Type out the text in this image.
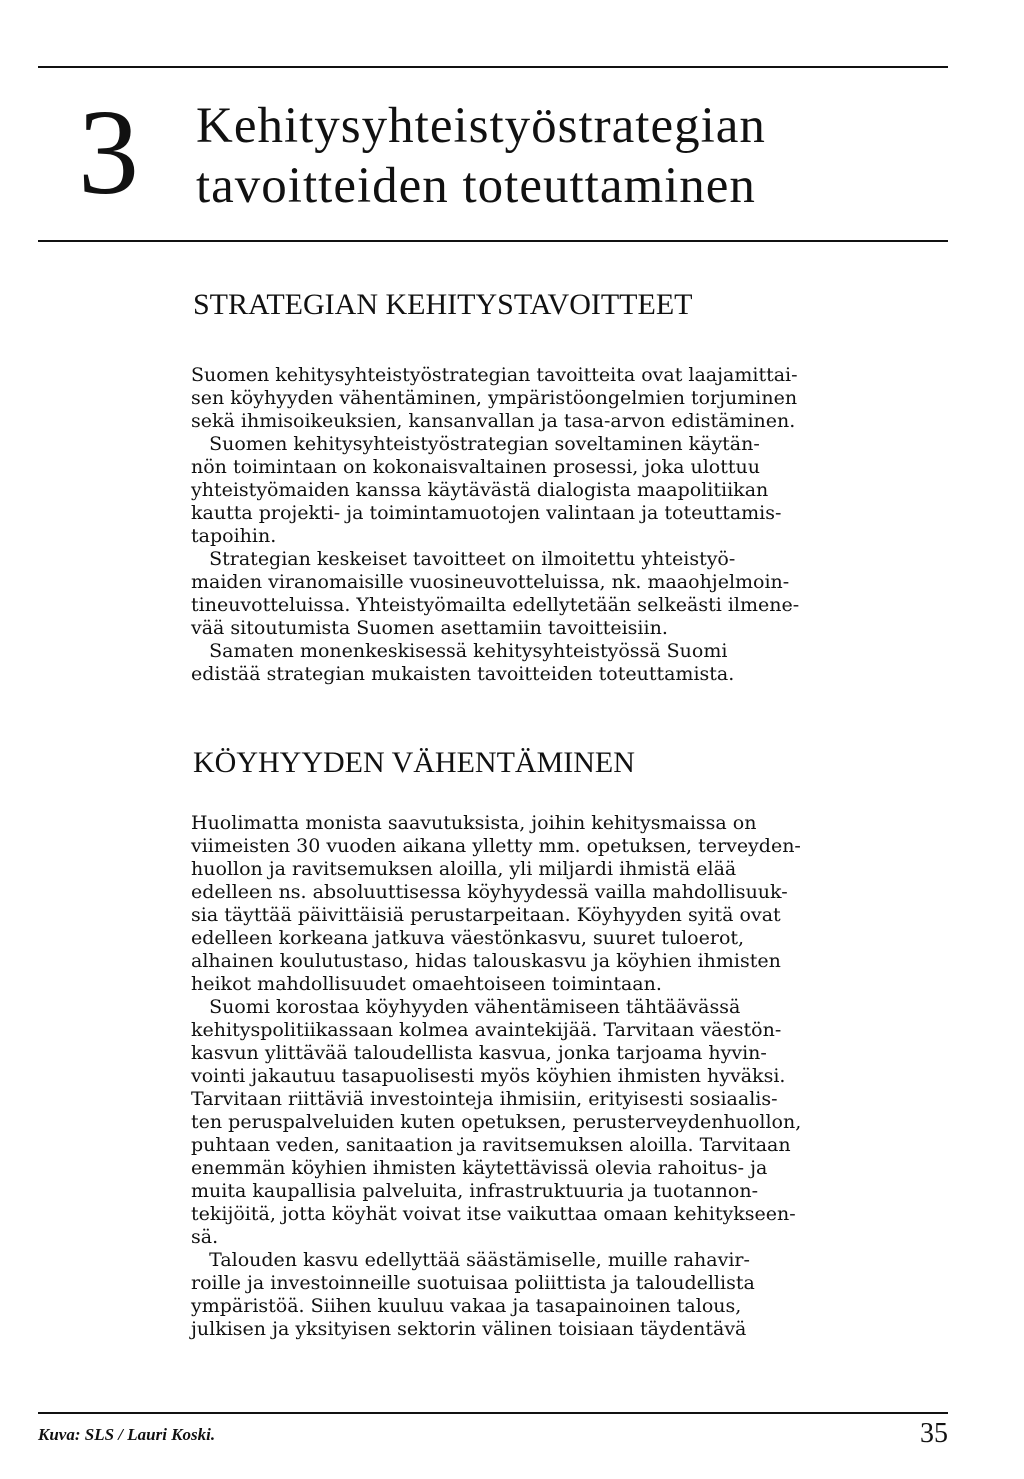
3 Kehitysyhteistyöstrategian
tavoitteiden toteuttaminen
STRATEGIAN KEHITYSTAVOITTEET
Suomen kehitysyhteistyöstrategian tavoitteita ovat laajamittai-
sen köyhyyden vähentäminen, ympäristöongelmien torjuminen
sekä ihmisoikeuksien, kansanvallan ja tasa-arvon edistäminen.
Suomen kehitysyhteistyöstrategian soveltaminen käytän-
nön toimintaan on kokonaisvaltainen prosessi, joka ulottuu
yhteistyömaiden kanssa käytävästä dialogista maapolitiikan
kautta projekti- ja toimintamuotojen valintaan ja toteuttamis-
tapoihin.
Strategian keskeiset tavoitteet on ilmoitettu yhteistyö-
maiden viranomaisille vuosineuvotteluissa, nk. maaohjelmoin-
tineuvotteluissa. Yhteistyömailta edellytetään selkeästi ilmene-
vää sitoutumista Suomen asettamiin tavoitteisiin.
Samaten monenkeskisessä kehitysyhteistyössä Suomi
edistää strategian mukaisten tavoitteiden toteuttamista.
KÖYHYYDEN VÄHENTÄMINEN
Huolimatta monista saavutuksista, joihin kehitysmaissa on
viimeisten 30 vuoden aikana ylletty mm. opetuksen, terveyden-
huollon ja ravitsemuksen aloilla, yli miljardi ihmistä elää
edelleen ns. absoluuttisessa köyhyydessä vailla mahdollisuuk-
sia täyttää päivittäisiä perustarpeitaan. Köyhyyden syitä ovat
edelleen korkeana jatkuva väestönkasvu, suuret tuloerot,
alhainen koulutustaso, hidas talouskasvu ja köyhien ihmisten
heikot mahdollisuudet omaehtoiseen toimintaan.
Suomi korostaa köyhyyden vähentämiseen tähtäävässä
kehityspolitiikassaan kolmea avaintekijää. Tarvitaan väestön-
kasvun ylittävää taloudellista kasvua, jonka tarjoama hyvin-
vointi jakautuu tasapuolisesti myös köyhien ihmisten hyväksi.
Tarvitaan riittäviä investointeja ihmisiin, erityisesti sosiaalis-
ten peruspalveluiden kuten opetuksen, perusterveydenhuollon,
puhtaan veden, sanitaation ja ravitsemuksen aloilla. Tarvitaan
enemmän köyhien ihmisten käytettävissä olevia rahoitus- ja
muita kaupallisia palveluita, infrastruktuuria ja tuotannon-
tekijöitä, jotta köyhät voivat itse vaikuttaa omaan kehitykseen-
sä.
Talouden kasvu edellyttää säästämiselle, muille rahavir-
roille ja investoinneille suotuisaa poliittista ja taloudellista
ympäristöä. Siihen kuuluu vakaa ja tasapainoinen talous,
julkisen ja yksityisen sektorin välinen toisiaan täydentävä
Kuva: SLS / Lauri Koski.	35
